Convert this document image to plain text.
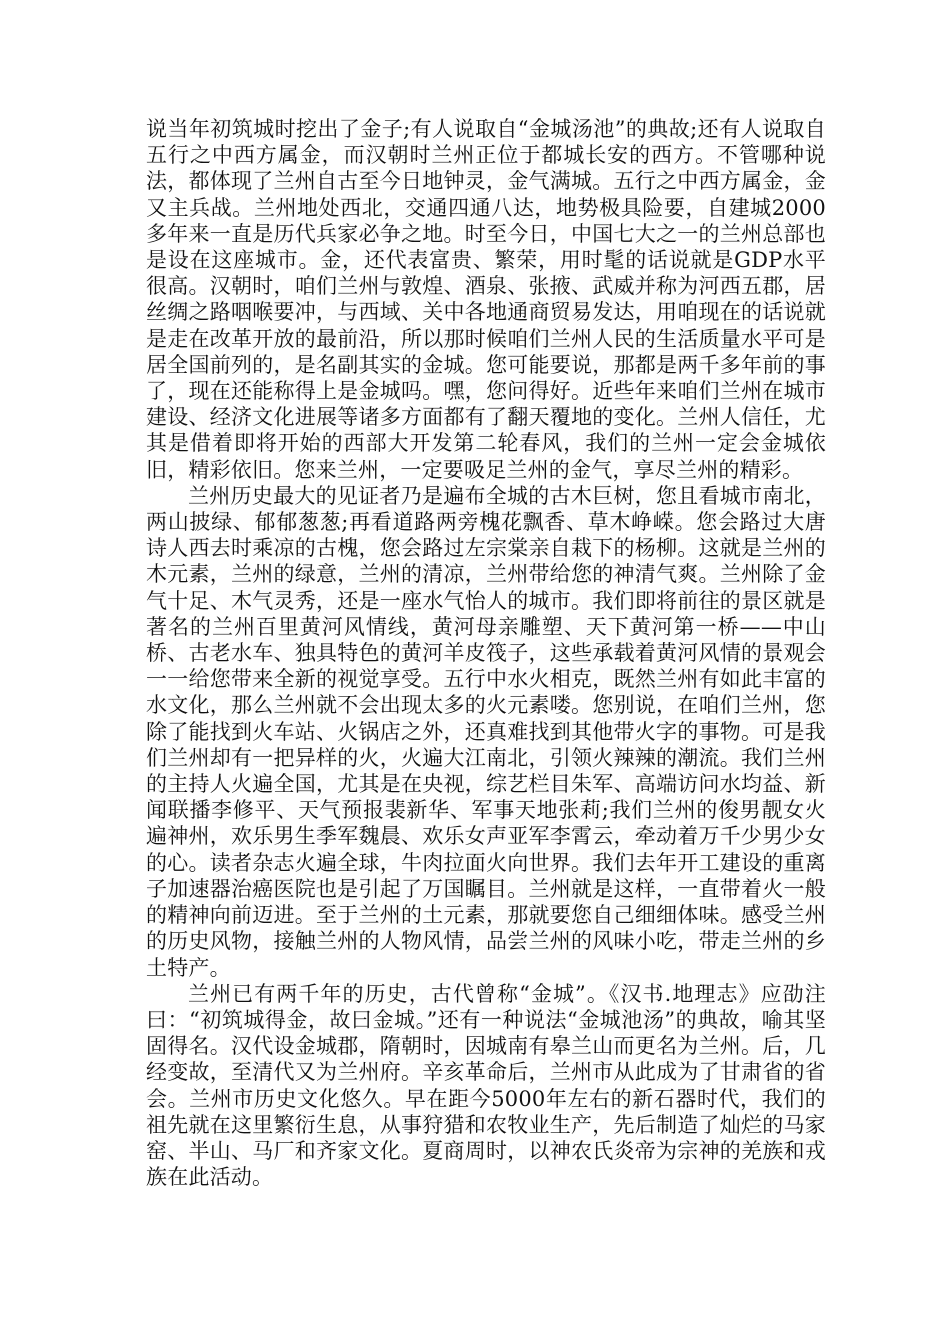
说当年初筑城时挖出了金子;有人说取自“金城汤池”的典故;还有人说取自五行之中西方属金，而汉朝时兰州正位于都城长安的西方。不管哪种说法，都体现了兰州自古至今日地钟灵，金气满城。五行之中西方属金，金又主兵战。兰州地处西北，交通四通八达，地势极具险要，自建城2000多年来一直是历代兵家必争之地。时至今日，中国七大之一的兰州总部也是设在这座城市。金，还代表富贵、繁荣，用时髦的话说就是GDP水平很高。汉朝时，咱们兰州与敦煌、酒泉、张掖、武威并称为河西五郡，居丝绸之路咽喉要冲，与西域、关中各地通商贸易发达，用咱现在的话说就是走在改革开放的最前沿，所以那时候咱们兰州人民的生活质量水平可是居全国前列的，是名副其实的金城。您可能要说，那都是两千多年前的事了，现在还能称得上是金城吗。嘿，您问得好。近些年来咱们兰州在城市建设、经济文化进展等诸多方面都有了翻天覆地的变化。兰州人信任，尤其是借着即将开始的西部大开发第二轮春风，我们的兰州一定会金城依旧，精彩依旧。您来兰州，一定要吸足兰州的金气，享尽兰州的精彩。

兰州历史最大的见证者乃是遍布全城的古木巨树，您且看城市南北，两山披绿、郁郁葱葱;再看道路两旁槐花飘香、草木峥嵘。您会路过大唐诗人西去时乘凉的古槐，您会路过左宗棠亲自栽下的杨柳。这就是兰州的木元素，兰州的绿意，兰州的清凉，兰州带给您的神清气爽。兰州除了金气十足、木气灵秀，还是一座水气怡人的城市。我们即将前往的景区就是著名的兰州百里黄河风情线，黄河母亲雕塑、天下黄河第一桥——中山桥、古老水车、独具特色的黄河羊皮筏子，这些承载着黄河风情的景观会一一给您带来全新的视觉享受。五行中水火相克，既然兰州有如此丰富的水文化，那么兰州就不会出现太多的火元素喽。您别说，在咱们兰州，您除了能找到火车站、火锅店之外，还真难找到其他带火字的事物。可是我们兰州却有一把异样的火，火遍大江南北，引领火辣辣的潮流。我们兰州的主持人火遍全国，尤其是在央视，综艺栏目朱军、高端访问水均益、新闻联播李修平、天气预报裴新华、军事天地张莉;我们兰州的俊男靓女火遍神州，欢乐男生季军魏晨、欢乐女声亚军李霄云，牵动着万千少男少女的心。读者杂志火遍全球，牛肉拉面火向世界。我们去年开工建设的重离子加速器治癌医院也是引起了万国瞩目。兰州就是这样，一直带着火一般的精神向前迈进。至于兰州的土元素，那就要您自己细细体味。感受兰州的历史风物，接触兰州的人物风情，品尝兰州的风味小吃，带走兰州的乡土特产。

兰州已有两千年的历史，古代曾称“金城”。《汉书.地理志》应劭注曰：“初筑城得金，故曰金城。”还有一种说法“金城池汤”的典故，喻其坚固得名。汉代设金城郡，隋朝时，因城南有皋兰山而更名为兰州。后，几经变故，至清代又为兰州府。辛亥革命后，兰州市从此成为了甘肃省的省会。兰州市历史文化悠久。早在距今5000年左右的新石器时代，我们的祖先就在这里繁衍生息，从事狩猎和农牧业生产，先后制造了灿烂的马家窑、半山、马厂和齐家文化。夏商周时，以神农氏炎帝为宗神的羌族和戎族在此活动。
